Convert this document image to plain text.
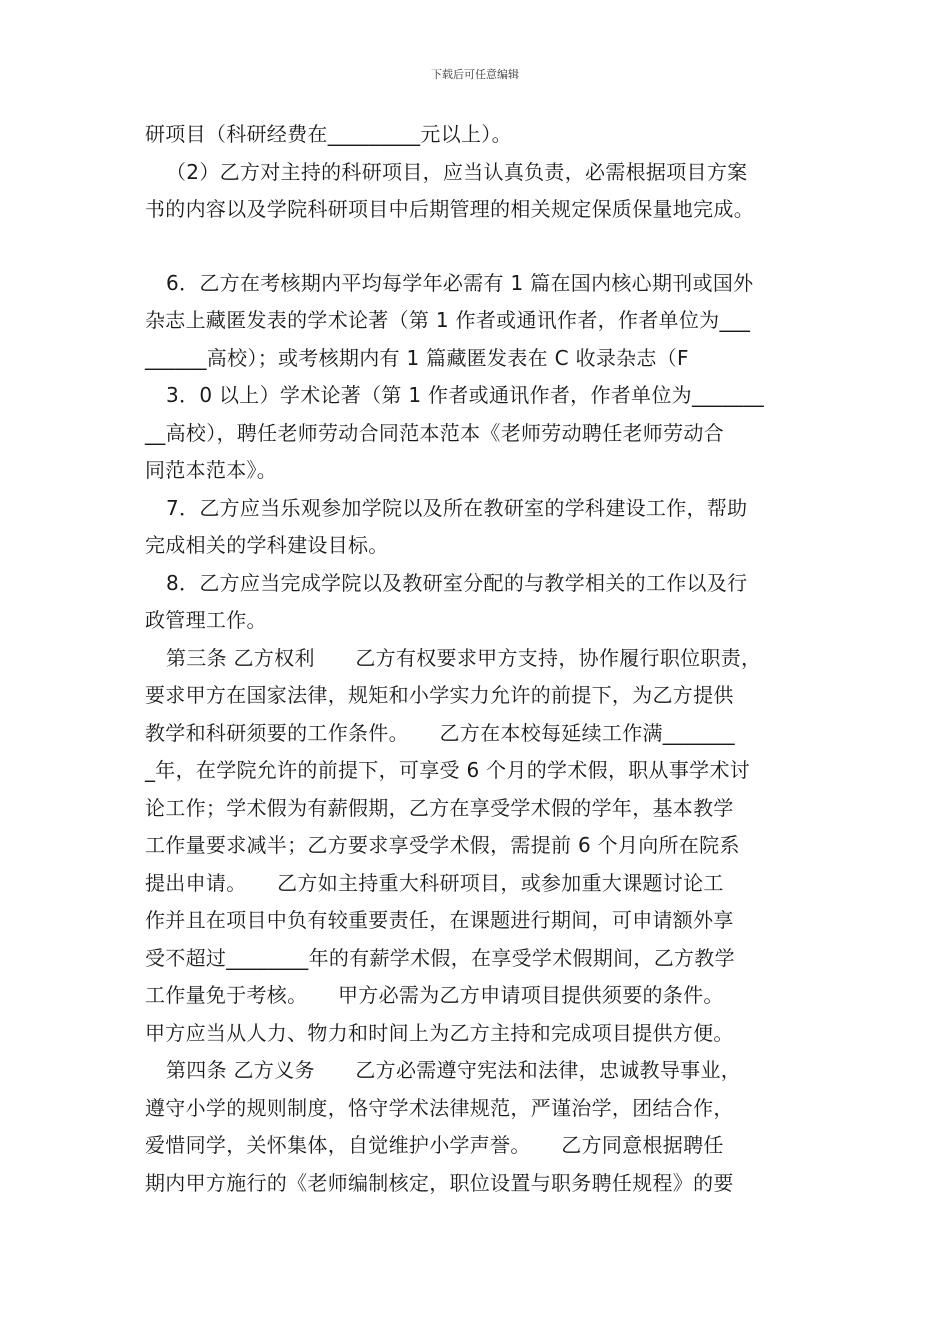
下载后可任意编辑
研项目（科研经费在_________元以上）。
（2）乙方对主持的科研项目，应当认真负责，必需根据项目方案
书的内容以及学院科研项目中后期管理的相关规定保质保量地完成。
6．乙方在考核期内平均每学年必需有 1 篇在国内核心期刊或国外
杂志上藏匿发表的学术论著（第 1 作者或通讯作者，作者单位为___
______高校）；或考核期内有 1 篇藏匿发表在 C 收录杂志（F
3．0 以上）学术论著（第 1 作者或通讯作者，作者单位为_______
__高校），聘任老师劳动合同范本范本《老师劳动聘任老师劳动合
同范本范本》。
7．乙方应当乐观参加学院以及所在教研室的学科建设工作，帮助
完成相关的学科建设目标。
8．乙方应当完成学院以及教研室分配的与教学相关的工作以及行
政管理工作。
第三条 乙方权利　　乙方有权要求甲方支持，协作履行职位职责，
要求甲方在国家法律，规矩和小学实力允许的前提下，为乙方提供
教学和科研须要的工作条件。　　乙方在本校每延续工作满_______
_年，在学院允许的前提下，可享受 6 个月的学术假，职从事学术讨
论工作；学术假为有薪假期，乙方在享受学术假的学年，基本教学
工作量要求减半；乙方要求享受学术假，需提前 6 个月向所在院系
提出申请。　　乙方如主持重大科研项目，或参加重大课题讨论工
作并且在项目中负有较重要责任，在课题进行期间，可申请额外享
受不超过________年的有薪学术假，在享受学术假期间，乙方教学
工作量免于考核。　　甲方必需为乙方申请项目提供须要的条件。
甲方应当从人力、物力和时间上为乙方主持和完成项目提供方便。
第四条 乙方义务　　乙方必需遵守宪法和法律，忠诚教导事业，
遵守小学的规则制度，恪守学术法律规范，严谨治学，团结合作，
爱惜同学，关怀集体，自觉维护小学声誉。　　乙方同意根据聘任
期内甲方施行的《老师编制核定，职位设置与职务聘任规程》的要
